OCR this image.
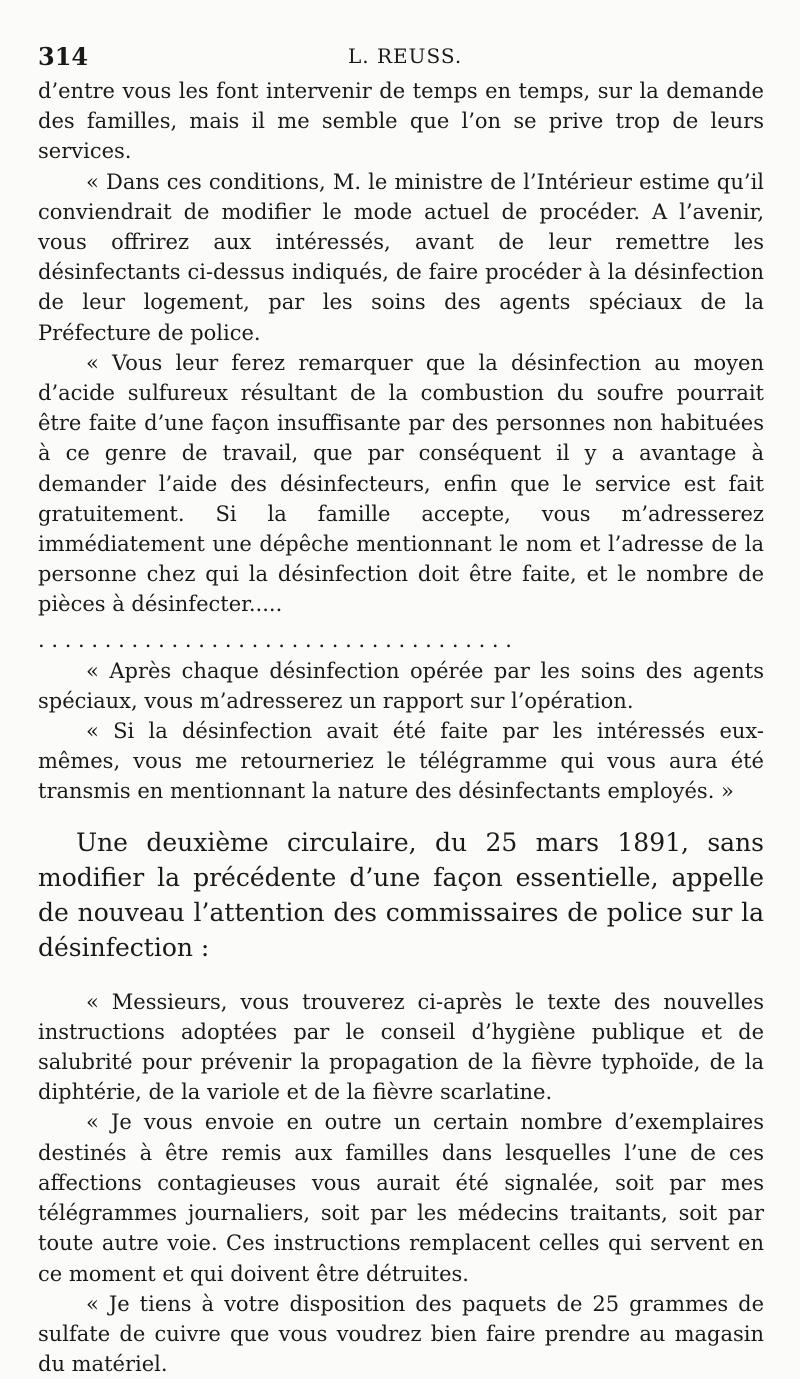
314	L. REUSS.

d’entre vous les font intervenir de temps en temps, sur la demande des familles, mais il me semble que l’on se prive trop de leurs services.

« Dans ces conditions, M. le ministre de l’Intérieur estime qu’il conviendrait de modifier le mode actuel de procéder. A l’avenir, vous offrirez aux intéressés, avant de leur remettre les désinfectants ci-dessus indiqués, de faire procéder à la désinfection de leur logement, par les soins des agents spéciaux de la Préfecture de police.

« Vous leur ferez remarquer que la désinfection au moyen d’acide sulfureux résultant de la combustion du soufre pourrait être faite d’une façon insuffisante par des personnes non habituées à ce genre de travail, que par conséquent il y a avantage à demander l’aide des désinfecteurs, enfin que le service est fait gratuitement. Si la famille accepte, vous m’adresserez immédiatement une dépêche mentionnant le nom et l’adresse de la personne chez qui la désinfection doit être faite, et le nombre de pièces à désinfecter.....

. . . . . . . . . . . . . . . . . . . . . . . . . . . . . . . . . . . .

« Après chaque désinfection opérée par les soins des agents spéciaux, vous m’adresserez un rapport sur l’opération.

« Si la désinfection avait été faite par les intéressés eux-mêmes, vous me retourneriez le télégramme qui vous aura été transmis en mentionnant la nature des désinfectants employés. »

Une deuxième circulaire, du 25 mars 1891, sans modifier la précédente d’une façon essentielle, appelle de nouveau l’attention des commissaires de police sur la désinfection :

« Messieurs, vous trouverez ci-après le texte des nouvelles instructions adoptées par le conseil d’hygiène publique et de salubrité pour prévenir la propagation de la fièvre typhoïde, de la diphtérie, de la variole et de la fièvre scarlatine.

« Je vous envoie en outre un certain nombre d’exemplaires destinés à être remis aux familles dans lesquelles l’une de ces affections contagieuses vous aurait été signalée, soit par mes télégrammes journaliers, soit par les médecins traitants, soit par toute autre voie. Ces instructions remplacent celles qui servent en ce moment et qui doivent être détruites.

« Je tiens à votre disposition des paquets de 25 grammes de sulfate de cuivre que vous voudrez bien faire prendre au magasin du matériel.
